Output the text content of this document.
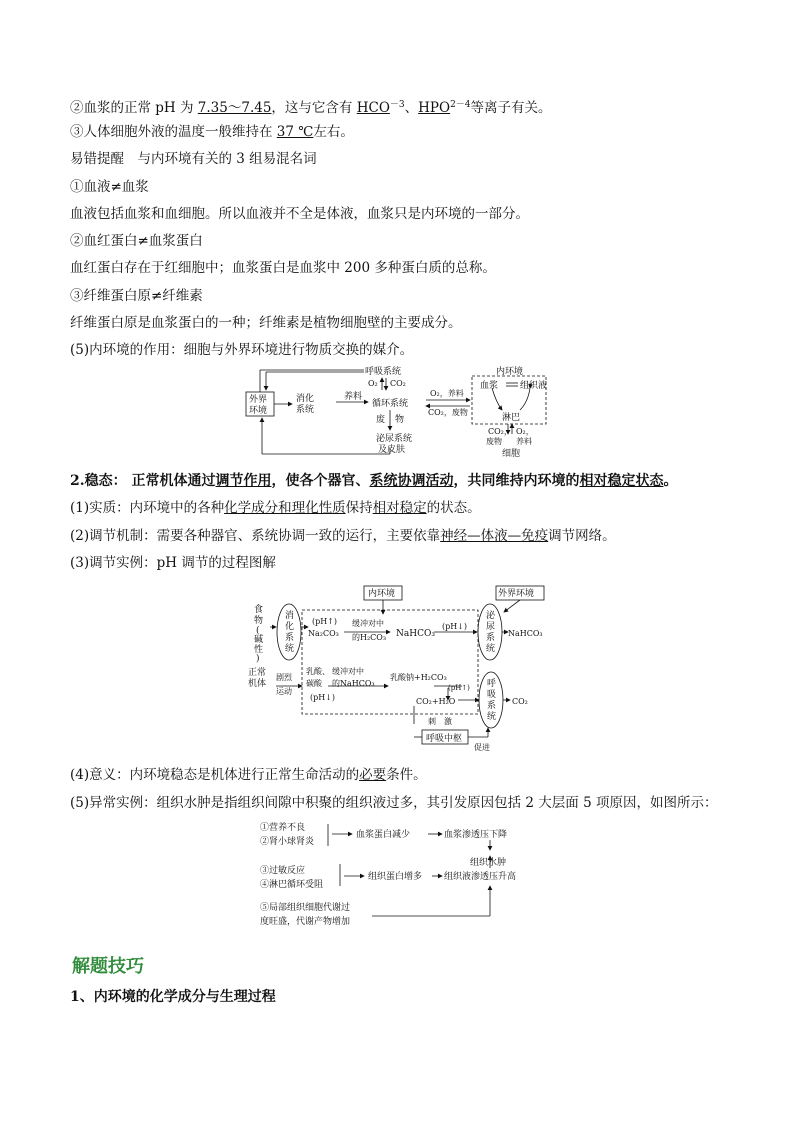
②血浆的正常 pH 为 7.35～7.45，这与它含有 $HCO^{-3}$、$HPO^{2-4}$等离子有关。
③人体细胞外液的温度一般维持在 37 ℃左右。
易错提醒　与内环境有关的 3 组易混名词
①血液≠血浆
血液包括血浆和血细胞。所以血液并不全是体液，血浆只是内环境的一部分。
②血红蛋白≠血浆蛋白
血红蛋白存在于红细胞中；血浆蛋白是血浆中 200 多种蛋白质的总称。
③纤维蛋白原≠纤维素
纤维蛋白原是血浆蛋白的一种；纤维素是植物细胞壁的主要成分。
(5)内环境的作用：细胞与外界环境进行物质交换的媒介。
外界
环境
消化
系统
养料
呼吸系统
O₂ CO₂
循环系统
O₂，养料
CO₂，废物
废 物
泌尿系统
及皮肤
内环境
血浆 组织液
淋巴
CO₂，
废物
O₂，
养料
细胞
2.稳态： 正常机体通过调节作用，使各个器官、系统协调活动，共同维持内环境的相对稳定状态。
(1)实质：内环境中的各种化学成分和理化性质保持相对稳定的状态。
(2)调节机制：需要各种器官、系统协调一致的运行，主要依靠神经—体液—免疫调节网络。
(3)调节实例：pH 调节的过程图解
内环境	外界环境
食
物
(
碱
性
)
消
化
系
统
(pH↑)
Na₂CO₃
缓冲对中
的H₂CO₃ NaHCO₃
(pH↓)
泌
尿
系
统
NaHCO₃
正常
机体
剧烈
运动
乳酸、
碳酸
缓冲对中
的NaHCO₃
(pH↓)
乳酸钠+H₂CO₃
(pH↑)
CO₂+H₂O
呼
吸
系
统
CO₂
刺　激
呼吸中枢
促进
(4)意义：内环境稳态是机体进行正常生命活动的必要条件。
(5)异常实例：组织水肿是指组织间隙中积聚的组织液过多，其引发原因包括 2 大层面 5 项原因，如图所示：
①营养不良
②肾小球肾炎
血浆蛋白减少	血浆渗透压下降
组织水肿
③过敏反应
④淋巴循环受阻
组织蛋白增多 组织液渗透压升高
⑤局部组织细胞代谢过
度旺盛，代谢产物增加
解题技巧
1、内环境的化学成分与生理过程
